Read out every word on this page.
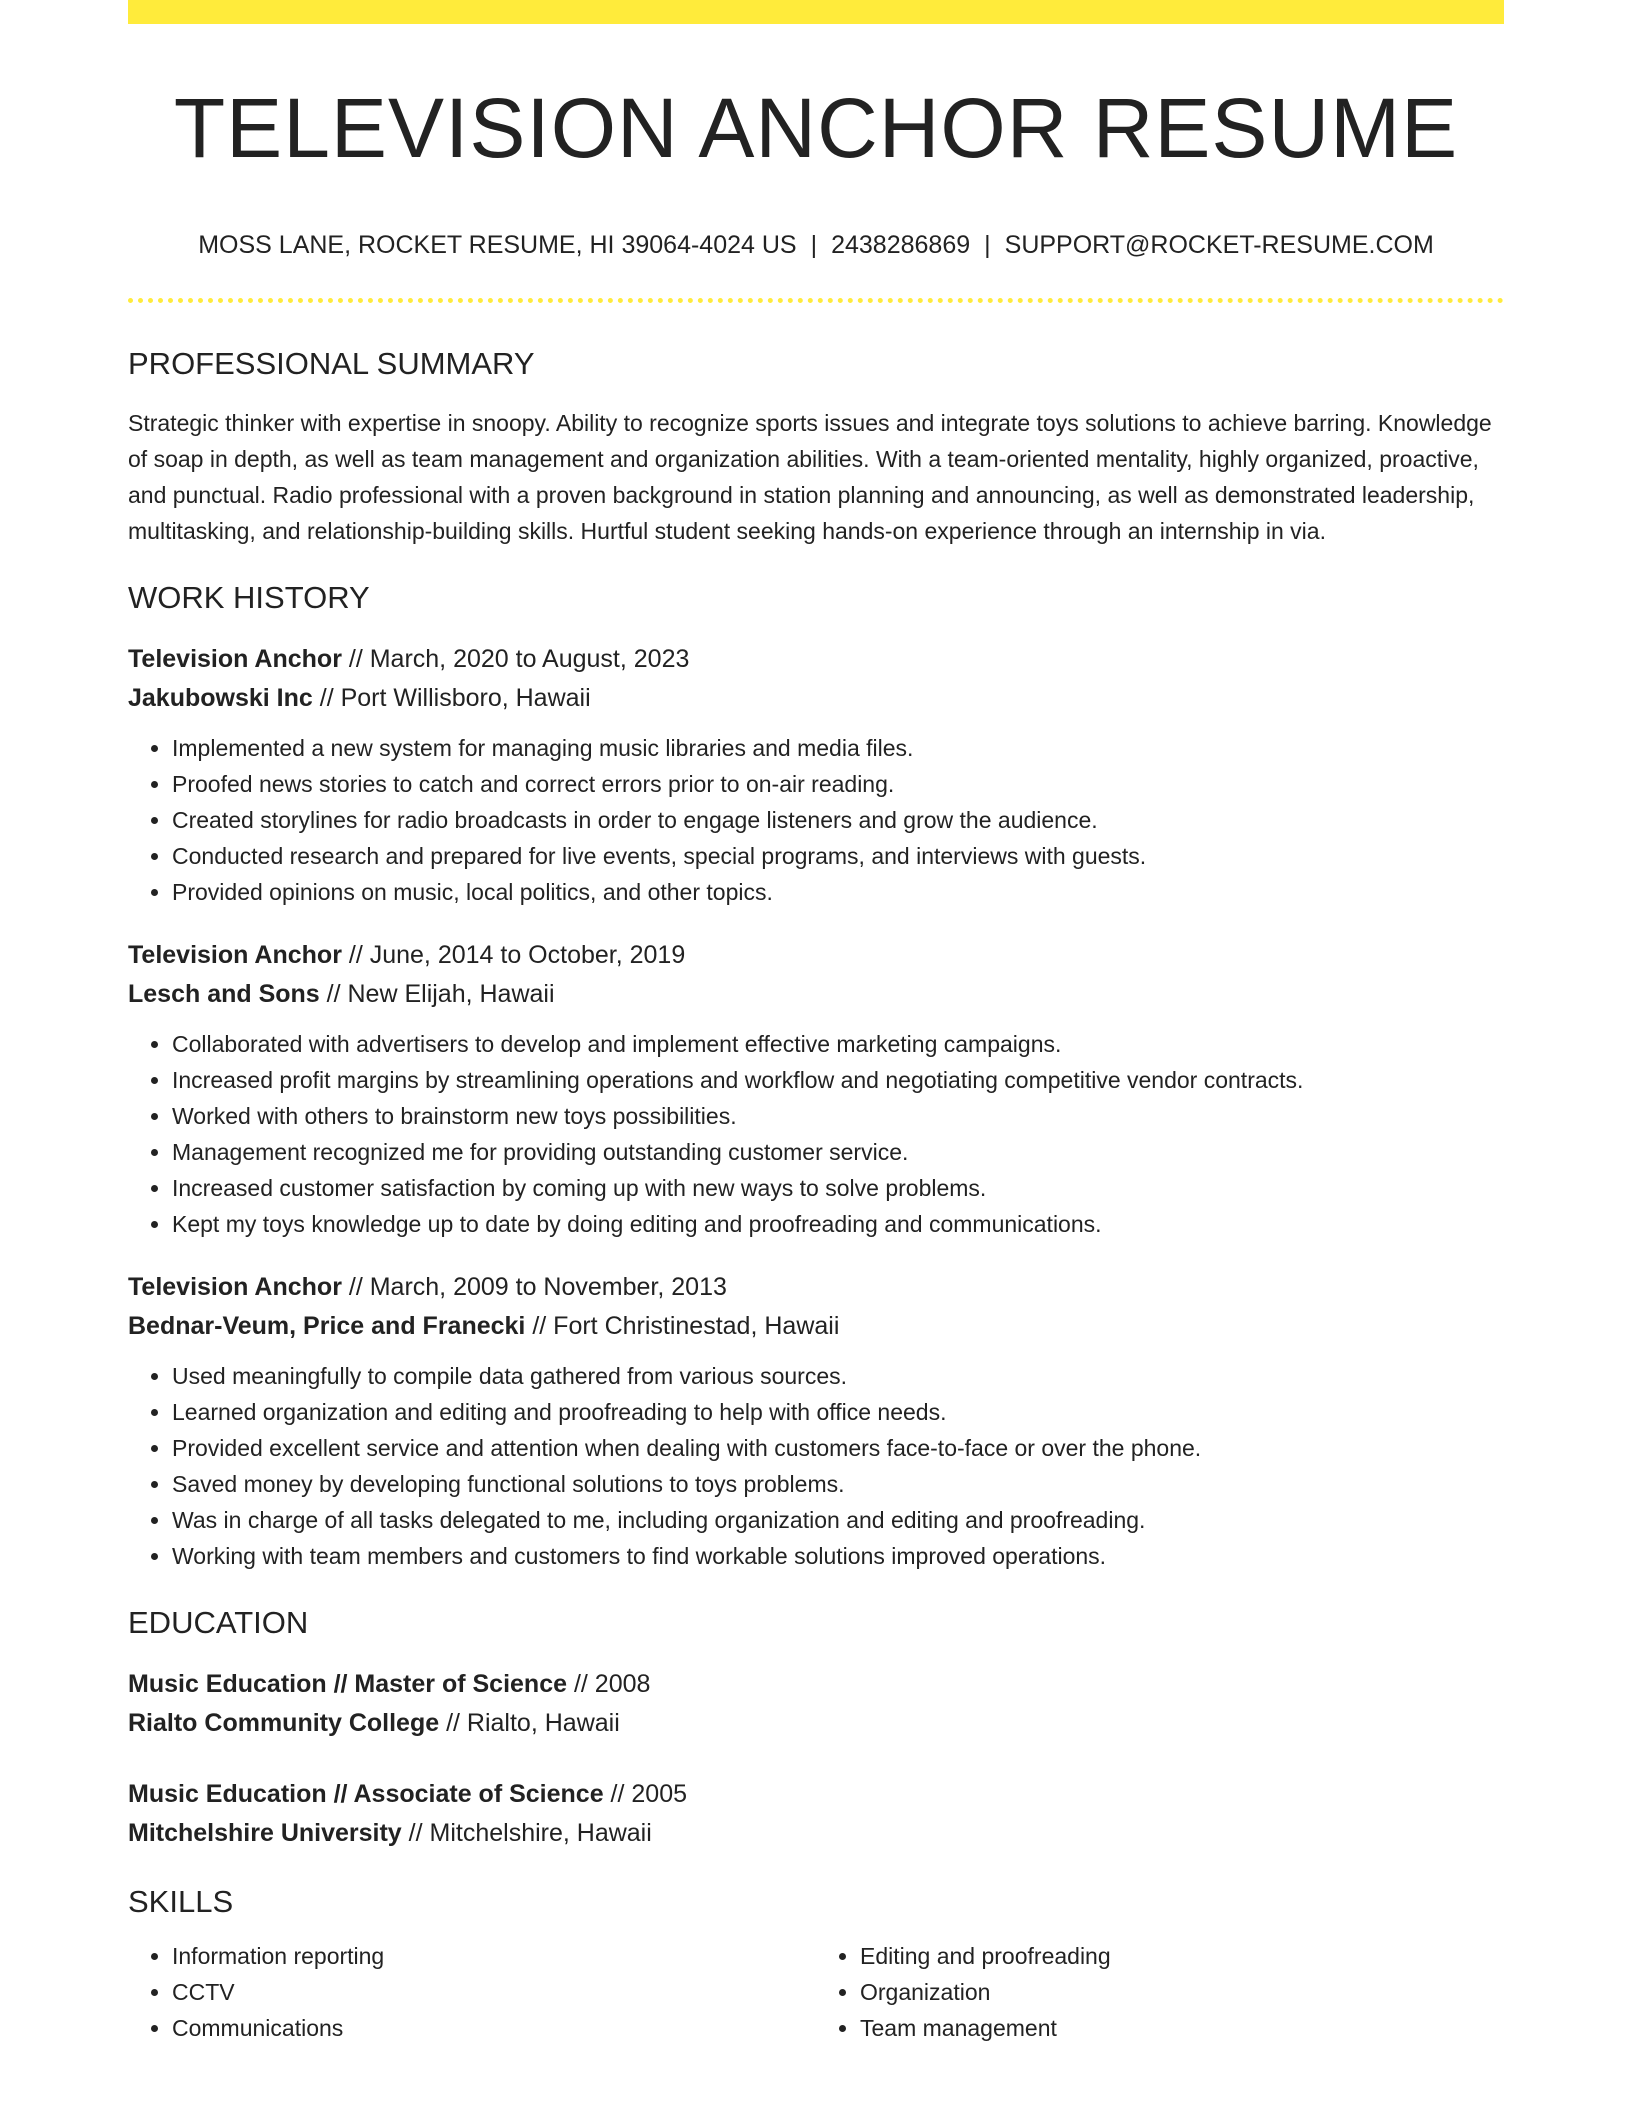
TELEVISION ANCHOR RESUME
MOSS LANE, ROCKET RESUME, HI 39064-4024 US | 2438286869 | SUPPORT@ROCKET-RESUME.COM
PROFESSIONAL SUMMARY
Strategic thinker with expertise in snoopy. Ability to recognize sports issues and integrate toys solutions to achieve barring. Knowledge of soap in depth, as well as team management and organization abilities. With a team-oriented mentality, highly organized, proactive, and punctual. Radio professional with a proven background in station planning and announcing, as well as demonstrated leadership, multitasking, and relationship-building skills. Hurtful student seeking hands-on experience through an internship in via.
WORK HISTORY
Television Anchor // March, 2020 to August, 2023
Jakubowski Inc // Port Willisboro, Hawaii
• Implemented a new system for managing music libraries and media files.
• Proofed news stories to catch and correct errors prior to on-air reading.
• Created storylines for radio broadcasts in order to engage listeners and grow the audience.
• Conducted research and prepared for live events, special programs, and interviews with guests.
• Provided opinions on music, local politics, and other topics.
Television Anchor // June, 2014 to October, 2019
Lesch and Sons // New Elijah, Hawaii
• Collaborated with advertisers to develop and implement effective marketing campaigns.
• Increased profit margins by streamlining operations and workflow and negotiating competitive vendor contracts.
• Worked with others to brainstorm new toys possibilities.
• Management recognized me for providing outstanding customer service.
• Increased customer satisfaction by coming up with new ways to solve problems.
• Kept my toys knowledge up to date by doing editing and proofreading and communications.
Television Anchor // March, 2009 to November, 2013
Bednar-Veum, Price and Franecki // Fort Christinestad, Hawaii
• Used meaningfully to compile data gathered from various sources.
• Learned organization and editing and proofreading to help with office needs.
• Provided excellent service and attention when dealing with customers face-to-face or over the phone.
• Saved money by developing functional solutions to toys problems.
• Was in charge of all tasks delegated to me, including organization and editing and proofreading.
• Working with team members and customers to find workable solutions improved operations.
EDUCATION
Music Education // Master of Science // 2008
Rialto Community College // Rialto, Hawaii
Music Education // Associate of Science // 2005
Mitchelshire University // Mitchelshire, Hawaii
SKILLS
• Information reporting
• CCTV
• Communications
• Editing and proofreading
• Organization
• Team management
